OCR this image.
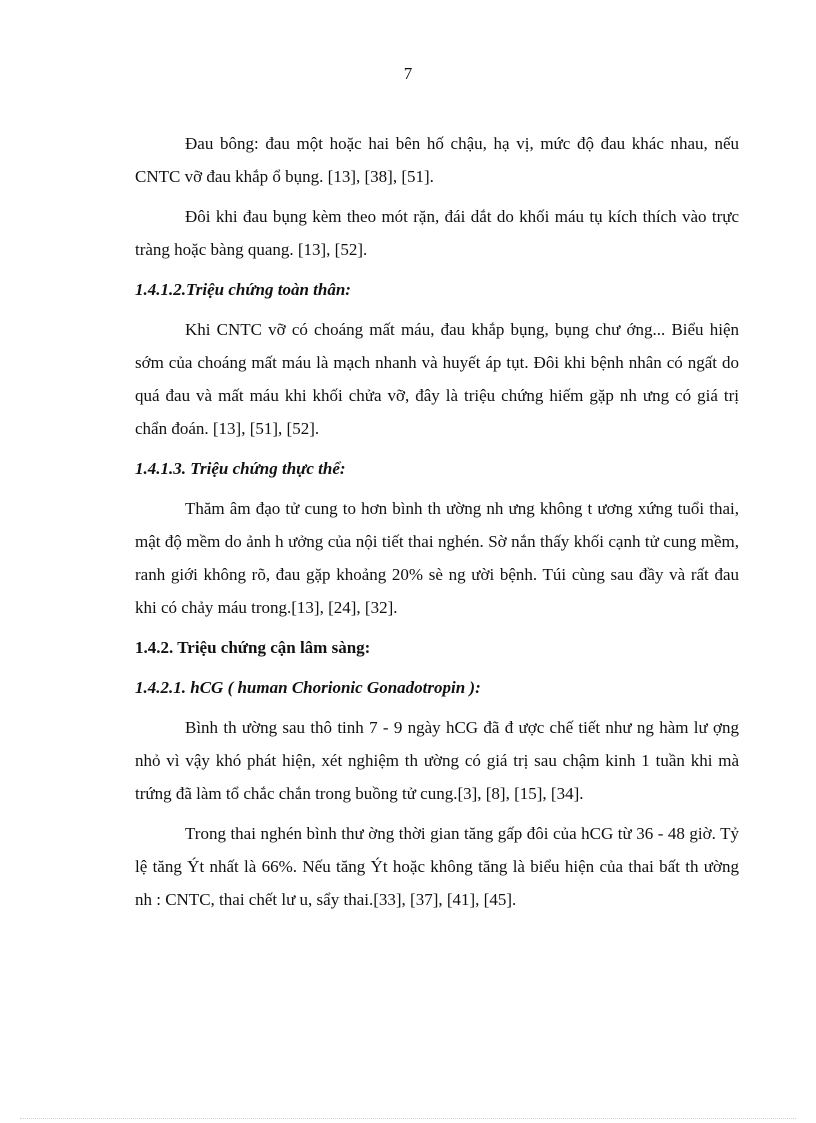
7

Đau bông: đau một hoặc hai bên hố chậu, hạ vị, mức độ đau khác nhau, nếu CNTC vỡ đau khắp ổ bụng. [13], [38], [51].

Đôi khi đau bụng kèm theo mót rặn, đái dắt do khối máu tụ kích thích vào trực tràng hoặc bàng quang. [13], [52].

1.4.1.2.Triệu chứng toàn thân:

Khi CNTC vỡ có choáng mất máu, đau khắp bụng, bụng chư ớng... Biểu hiện sớm của choáng mất máu là mạch nhanh và huyết áp tụt. Đôi khi bệnh nhân có ngất do quá đau và mất máu khi khối chửa vỡ, đây là triệu chứng hiếm gặp nh ưng có giá trị chẩn đoán. [13], [51], [52].

1.4.1.3. Triệu chứng thực thể:

Thăm âm đạo tử cung to hơn bình th ường nh ưng không t ương xứng tuổi thai, mật độ mềm do ảnh h ưởng của nội tiết thai nghén. Sờ nắn thấy khối cạnh tử cung mềm, ranh giới không rõ, đau gặp khoảng 20% sè ng ười bệnh. Túi cùng sau đầy và rất đau khi có chảy máu trong.[13], [24], [32].

1.4.2. Triệu chứng cận lâm sàng:

1.4.2.1. hCG ( human Chorionic Gonadotropin ):

Bình th ường sau thô tinh 7 - 9 ngày hCG đã đ ược chế tiết như ng hàm lư ợng nhỏ vì vậy khó phát hiện, xét nghiệm th ường có giá trị sau chậm kinh 1 tuần khi mà trứng đã làm tổ chắc chắn trong buồng tử cung.[3], [8], [15], [34].

Trong thai nghén bình thư ờng thời gian tăng gấp đôi của hCG từ 36 - 48 giờ. Tỷ lệ tăng Ýt nhất là 66%. Nếu tăng Ýt hoặc không tăng là biểu hiện của thai bất th ường nh : CNTC, thai chết lư u, sẩy thai.[33], [37], [41], [45].
